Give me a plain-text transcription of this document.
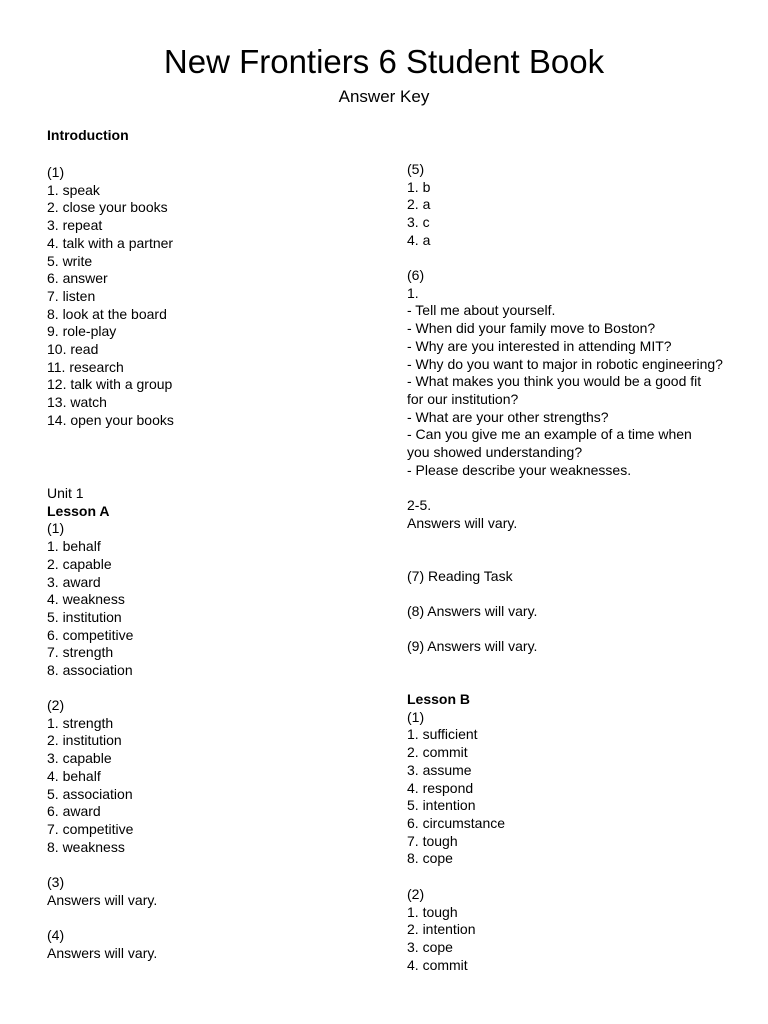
New Frontiers 6 Student Book
Answer Key
Introduction
(1)
1. speak
2. close your books
3. repeat
4. talk with a partner
5. write
6. answer
7. listen
8. look at the board
9. role-play
10. read
11. research
12. talk with a group
13. watch
14. open your books
Unit 1
Lesson A
(1)
1. behalf
2. capable
3. award
4. weakness
5. institution
6. competitive
7. strength
8. association
(2)
1. strength
2. institution
3. capable
4. behalf
5. association
6. award
7. competitive
8. weakness
(3)
Answers will vary.
(4)
Answers will vary.
(5)
1. b
2. a
3. c
4. a
(6)
1.
- Tell me about yourself.
- When did your family move to Boston?
- Why are you interested in attending MIT?
- Why do you want to major in robotic engineering?
- What makes you think you would be a good fit
for our institution?
- What are your other strengths?
- Can you give me an example of a time when
you showed understanding?
- Please describe your weaknesses.
2-5.
Answers will vary.
(7) Reading Task
(8) Answers will vary.
(9) Answers will vary.
Lesson B
(1)
1. sufficient
2. commit
3. assume
4. respond
5. intention
6. circumstance
7. tough
8. cope
(2)
1. tough
2. intention
3. cope
4. commit
